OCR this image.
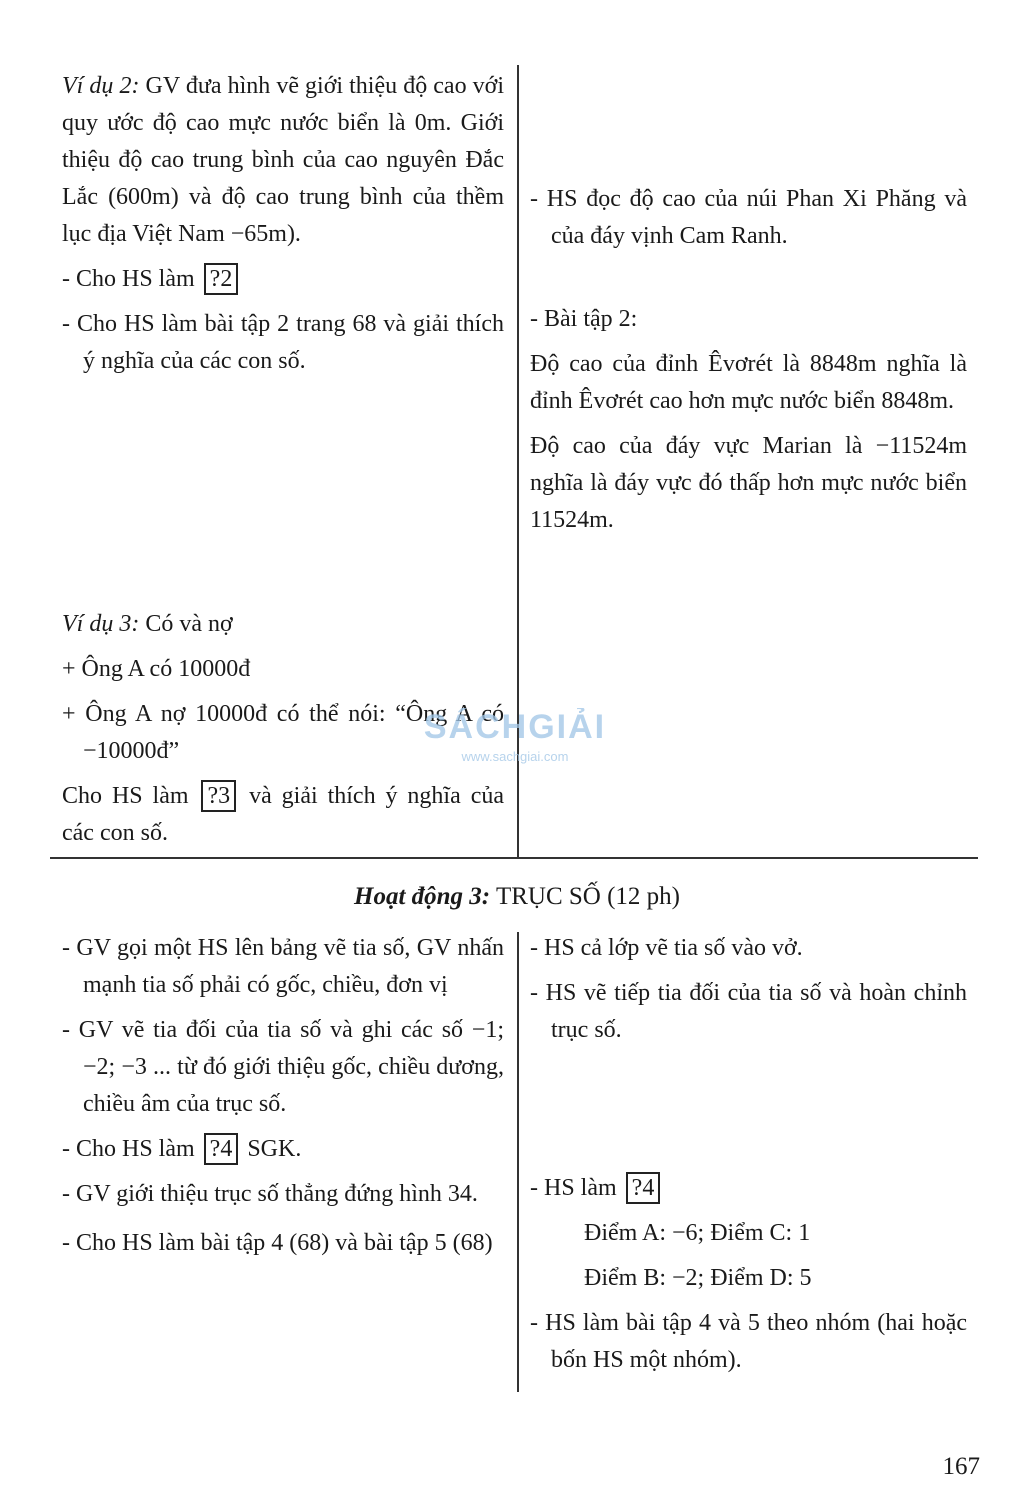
Ví dụ 2: GV đưa hình vẽ giới thiệu độ cao với quy ước độ cao mực nước biển là 0m. Giới thiệu độ cao trung bình của cao nguyên Đắc Lắc (600m) và độ cao trung bình của thềm lục địa Việt Nam −65m).
- Cho HS làm ?2
- Cho HS làm bài tập 2 trang 68 và giải thích ý nghĩa của các con số.
Ví dụ 3: Có và nợ
+ Ông A có 10000đ
+ Ông A nợ 10000đ có thể nói: “Ông A có −10000đ”
Cho HS làm ?3 và giải thích ý nghĩa của các con số.
- HS đọc độ cao của núi Phan Xi Phăng và của đáy vịnh Cam Ranh.
- Bài tập 2:
Độ cao của đỉnh Êvơrét là 8848m nghĩa là đỉnh Êvơrét cao hơn mực nước biển 8848m.
Độ cao của đáy vực Marian là −11524m nghĩa là đáy vực đó thấp hơn mực nước biển 11524m.
Hoạt động 3: TRỤC SỐ (12 ph)
- GV gọi một HS lên bảng vẽ tia số, GV nhấn mạnh tia số phải có gốc, chiều, đơn vị
- GV vẽ tia đối của tia số và ghi các số −1; −2; −3 ... từ đó giới thiệu gốc, chiều dương, chiều âm của trục số.
- Cho HS làm ?4 SGK.
- GV giới thiệu trục số thẳng đứng hình 34.
- Cho HS làm bài tập 4 (68) và bài tập 5 (68)
- HS cả lớp vẽ tia số vào vở.
- HS vẽ tiếp tia đối của tia số và hoàn chỉnh trục số.
- HS làm ?4
Điểm A: −6; Điểm C: 1
Điểm B: −2; Điểm D: 5
- HS làm bài tập 4 và 5 theo nhóm (hai hoặc bốn HS một nhóm).
SÁCHGIẢI
www.sachgiai.com
167
